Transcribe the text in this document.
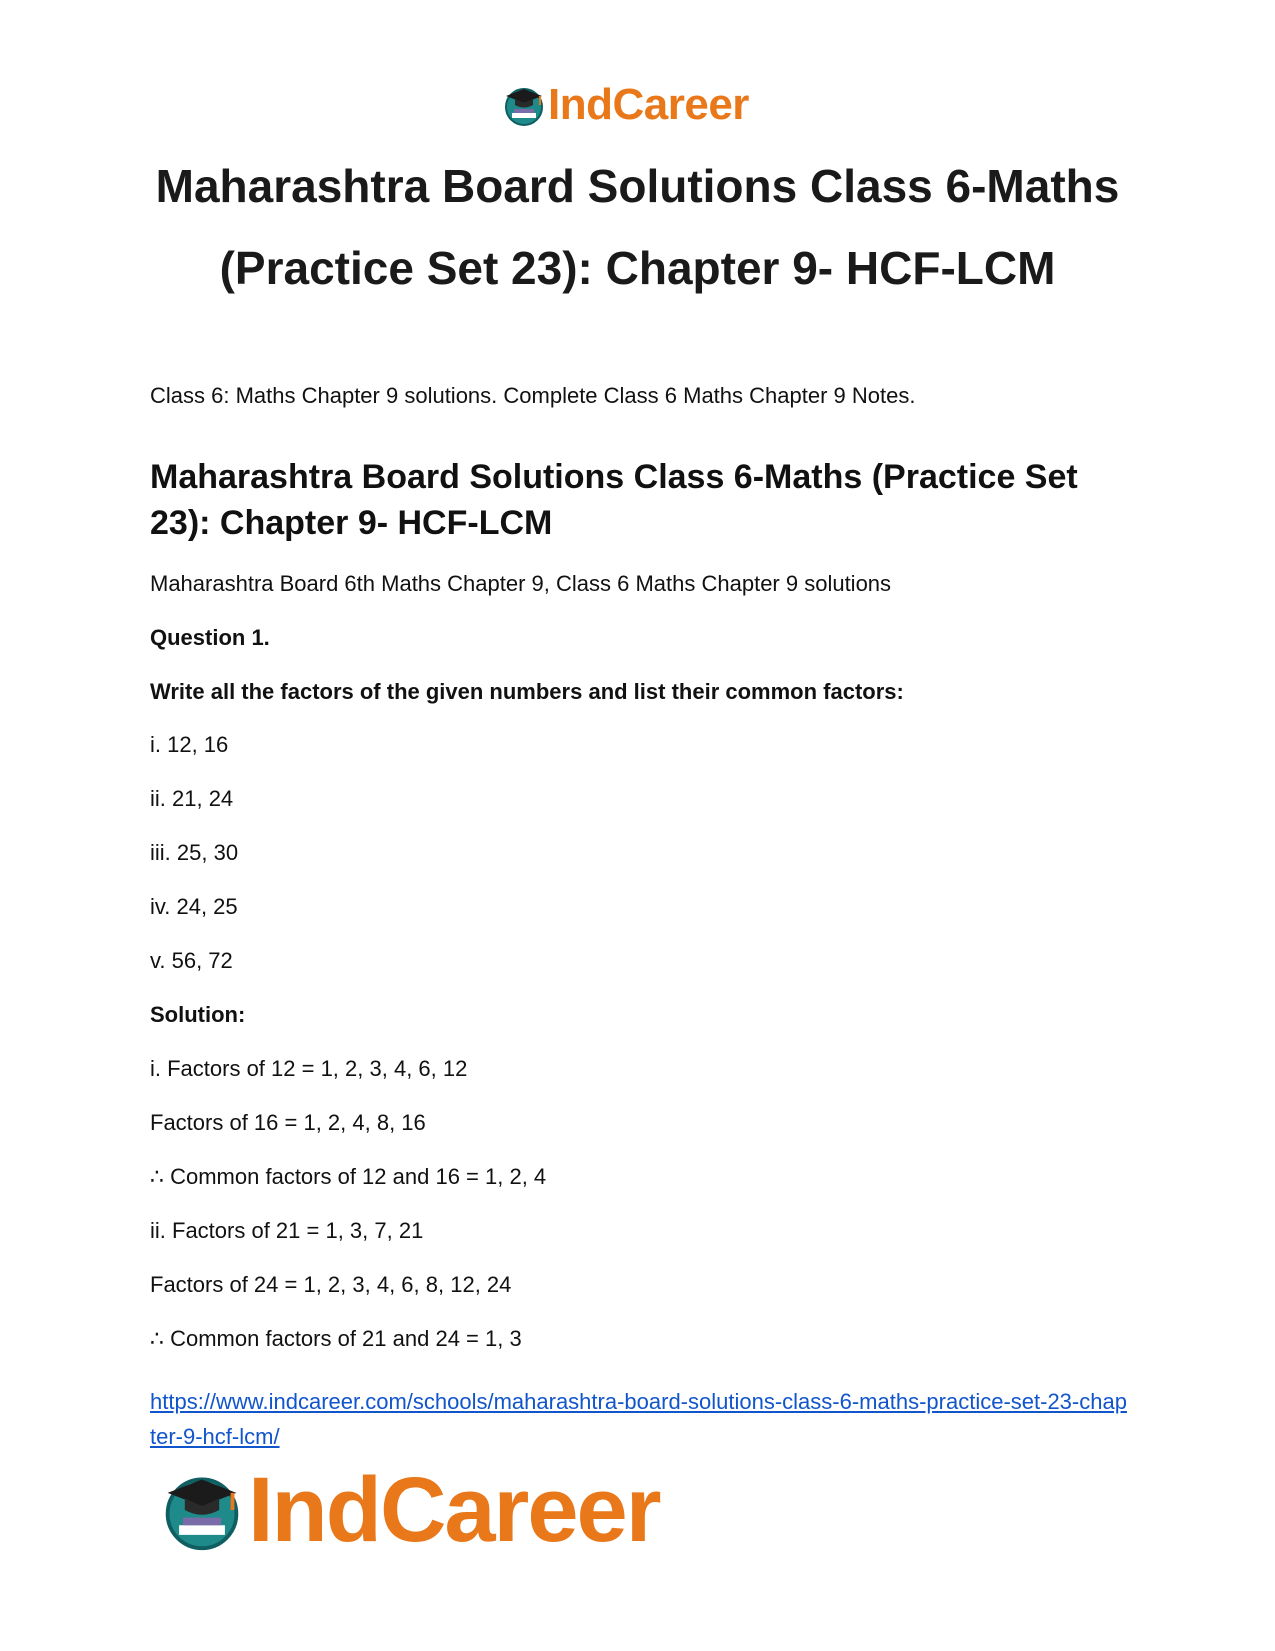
IndCareer
Maharashtra Board Solutions Class 6-Maths (Practice Set 23): Chapter 9- HCF-LCM

Class 6: Maths Chapter 9 solutions. Complete Class 6 Maths Chapter 9 Notes.

Maharashtra Board Solutions Class 6-Maths (Practice Set 23): Chapter 9- HCF-LCM

Maharashtra Board 6th Maths Chapter 9, Class 6 Maths Chapter 9 solutions

Question 1.

Write all the factors of the given numbers and list their common factors:

i. 12, 16

ii. 21, 24

iii. 25, 30

iv. 24, 25

v. 56, 72

Solution:

i. Factors of 12 = 1, 2, 3, 4, 6, 12

Factors of 16 = 1, 2, 4, 8, 16

∴ Common factors of 12 and 16 = 1, 2, 4

ii. Factors of 21 = 1, 3, 7, 21

Factors of 24 = 1, 2, 3, 4, 6, 8, 12, 24

∴ Common factors of 21 and 24 = 1, 3

https://www.indcareer.com/schools/maharashtra-board-solutions-class-6-maths-practice-set-23-chapter-9-hcf-lcm/
IndCareer
